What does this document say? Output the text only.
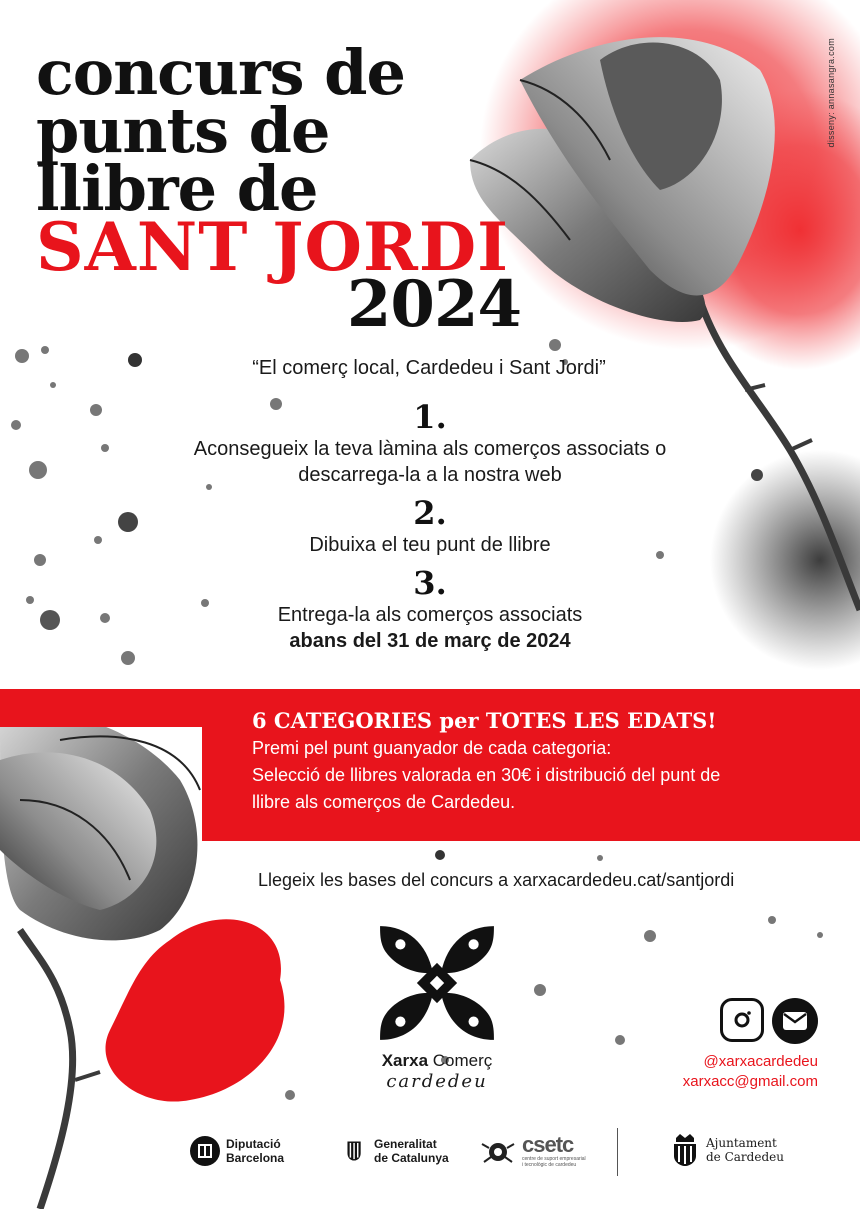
disseny: annasangra.com
concurs de
punts de
llibre de
SANT JORDI
2024

“El comerç local, Cardedeu i Sant Jordi”

1.
Aconsegueix la teva làmina als comerços associats o descarrega-la a la nostra web
2.
Dibuixa el teu punt de llibre
3.
Entrega-la als comerços associats
abans del 31 de març de 2024
6 CATEGORIES per TOTES LES EDATS!
Premi pel punt guanyador de cada categoria:
Selecció de llibres valorada en 30€ i distribució del punt de
llibre als comerços de Cardedeu.

Llegeix les bases del concurs a xarxacardedeu.cat/santjordi

Xarxa Comerç
cardedeu
@xarxacardedeu
xarxacc@gmail.com
Diputació
Barcelona
Generalitat
de Catalunya
csetc
centre de suport empresarial
i tecnològic de cardedeu
Ajuntament
de Cardedeu
